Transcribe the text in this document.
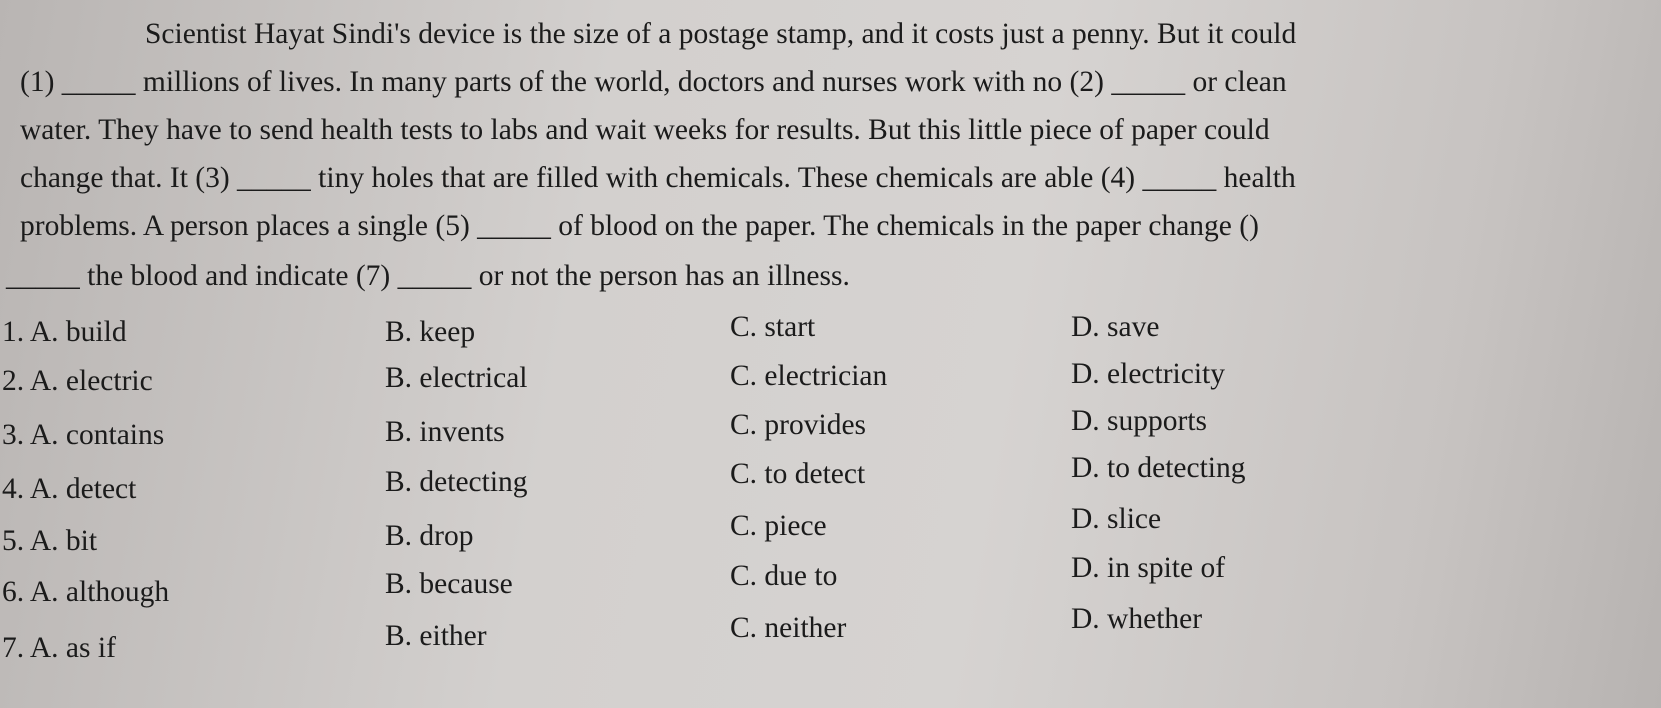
Scientist Hayat Sindi's device is the size of a postage stamp, and it costs just a penny. But it could
(1) _____ millions of lives. In many parts of the world, doctors and nurses work with no (2) _____ or clean
water. They have to send health tests to labs and wait weeks for results. But this little piece of paper could
change that. It (3) _____ tiny holes that are filled with chemicals. These chemicals are able (4) _____ health
problems. A person places a single (5) _____ of blood on the paper. The chemicals in the paper change ()
_____ the blood and indicate (7) _____ or not the person has an illness.
1. A. build	B. keep	C. start	D. save
2. A. electric	B. electrical	C. electrician	D. electricity
3. A. contains	B. invents	C. provides	D. supports
4. A. detect	B. detecting	C. to detect	D. to detecting
5. A. bit	B. drop	C. piece	D. slice
6. A. although	B. because	C. due to	D. in spite of
7. A. as if	B. either	C. neither	D. whether
